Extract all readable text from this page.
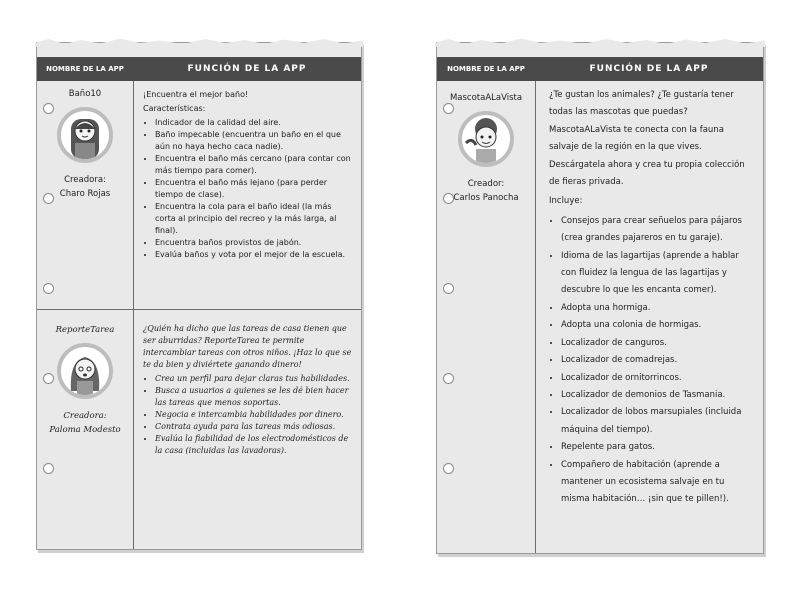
NOMBRE DE LA APP	FUNCIÓN DE LA APP
Baño10
Creadora:
Charo Rojas

¡Encuentra el mejor baño!

Características:

• Indicador de la calidad del aire.
• Baño impecable (encuentra un baño en el que aún no haya hecho caca nadie).
• Encuentra el baño más cercano (para contar con más tiempo para comer).
• Encuentra el baño más lejano (para perder tiempo de clase).
• Encuentra la cola para el baño ideal (la más corta al principio del recreo y la más larga, al final).
• Encuentra baños provistos de jabón.
• Evalúa baños y vota por el mejor de la escuela.
ReporteTarea
Creadora:
Paloma Modesto

¿Quién ha dicho que las tareas de casa tienen que ser aburridas? ReporteTarea te permite intercambiar tareas con otros niños. ¡Haz lo que se te da bien y diviértete ganando dinero!

• Crea un perfil para dejar claras tus habilidades.
• Busca a usuarios a quienes se les dé bien hacer las tareas que menos soportas.
• Negocia e intercambia habilidades por dinero.
• Contrata ayuda para las tareas más odiosas.
• Evalúa la fiabilidad de los electrodomésticos de la casa (incluidas las lavadoras).
NOMBRE DE LA APP	FUNCIÓN DE LA APP
MascotaALaVista
Creador:
Carlos Panocha

¿Te gustan los animales? ¿Te gustaría tener todas las mascotas que puedas? MascotaALaVista te conecta con la fauna salvaje de la región en la que vives. Descárgatela ahora y crea tu propia colección de fieras privada.

Incluye:

• Consejos para crear señuelos para pájaros (crea grandes pajareros en tu garaje).
• Idioma de las lagartijas (aprende a hablar con fluidez la lengua de las lagartijas y descubre lo que les encanta comer).
• Adopta una hormiga.
• Adopta una colonia de hormigas.
• Localizador de canguros.
• Localizador de comadrejas.
• Localizador de ornitorrincos.
• Localizador de demonios de Tasmania.
• Localizador de lobos marsupiales (incluida máquina del tiempo).
• Repelente para gatos.
• Compañero de habitación (aprende a mantener un ecosistema salvaje en tu misma habitación… ¡sin que te pillen!).
